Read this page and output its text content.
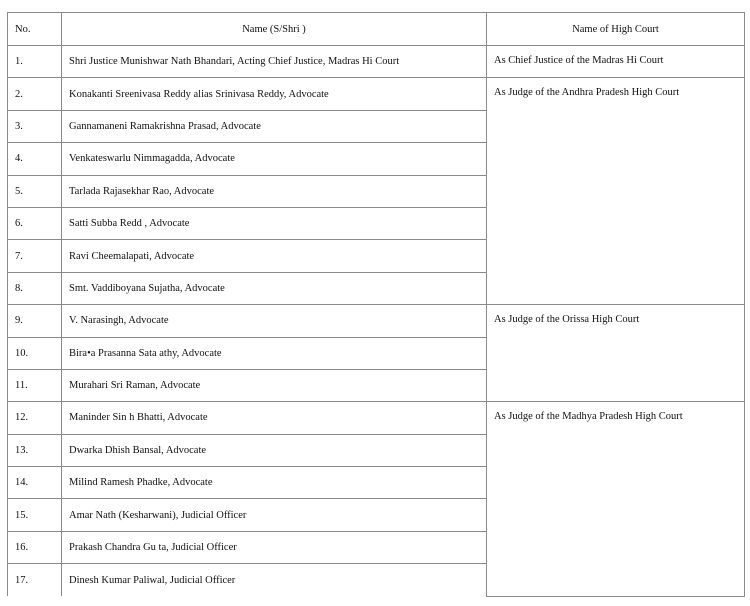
No.	Name (S/Shri )	Name of High Court
1.	Shri Justice Munishwar Nath Bhandari, Acting Chief Justice, Madras Hi Court	As Chief Justice of the Madras Hi Court
2.	Konakanti Sreenivasa Reddy alias Srinivasa Reddy, Advocate	As Judge of the Andhra Pradesh High Court
3.	Gannamaneni Ramakrishna Prasad, Advocate	
4.	Venkateswarlu Nimmagadda, Advocate	
5.	Tarlada Rajasekhar Rao, Advocate	
6.	Satti Subba Redd , Advocate	
7.	Ravi Cheemalapati, Advocate	
8.	Smt. Vaddiboyana Sujatha, Advocate	
9.	V. Narasingh, Advocate	As Judge of the Orissa High Court
10.	Bira•a Prasanna Sata athy, Advocate	
11.	Murahari Sri Raman, Advocate	
12.	Maninder Sin h Bhatti, Advocate	As Judge of the Madhya Pradesh High Court
13.	Dwarka Dhish Bansal, Advocate	
14.	Milind Ramesh Phadke, Advocate	
15.	Amar Nath (Kesharwani), Judicial Officer	
16.	Prakash Chandra Gu ta, Judicial Officer	
17.	Dinesh Kumar Paliwal, Judicial Officer	
